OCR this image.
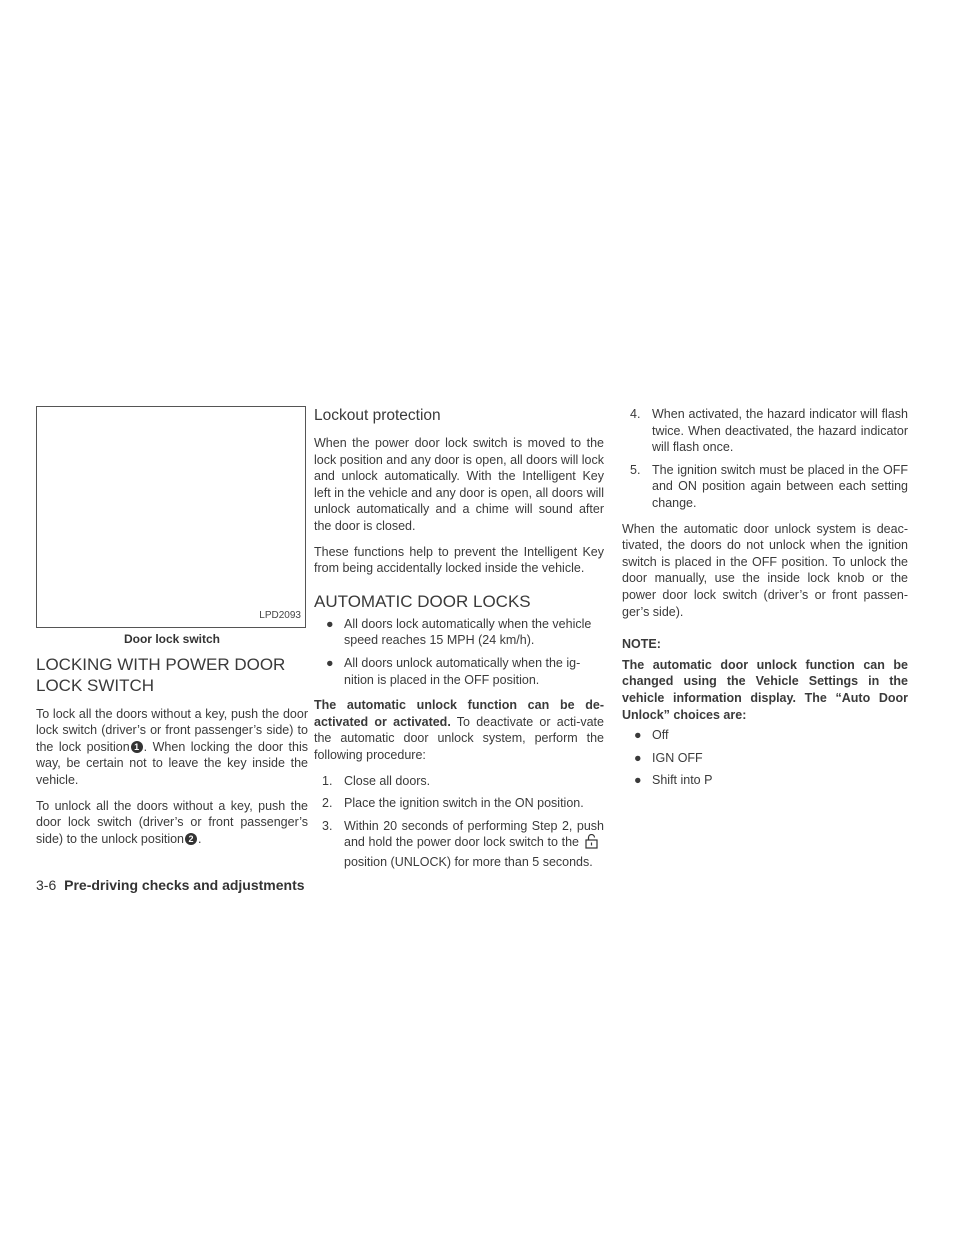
LPD2093
Door lock switch
LOCKING WITH POWER DOOR LOCK SWITCH

To lock all the doors without a key, push the door lock switch (driver’s or front passenger’s side) to the lock position 1 . When locking the door this way, be certain not to leave the key inside the vehicle.

To unlock all the doors without a key, push the door lock switch (driver’s or front passenger’s side) to the unlock position 2 .

Lockout protection

When the power door lock switch is moved to the lock position and any door is open, all doors will lock and unlock automatically. With the Intelligent Key left in the vehicle and any door is open, all doors will unlock automatically and a chime will sound after the door is closed.

These functions help to prevent the Intelligent Key from being accidentally locked inside the vehicle.

AUTOMATIC DOOR LOCKS
● All doors lock automatically when the vehicle speed reaches 15 MPH (24 km/h).
● All doors unlock automatically when the ig-nition is placed in the OFF position.

The automatic unlock function can be de-activated or activated. To deactivate or acti-vate the automatic door unlock system, perform the following procedure:

1. Close all doors.
2. Place the ignition switch in the ON position.
3. Within 20 seconds of performing Step 2, push and hold the power door lock switch to theposition (UNLOCK) for more than 5 seconds.
4. When activated, the hazard indicator will flash twice. When deactivated, the hazard indicator will flash once.
5. The ignition switch must be placed in the OFF and ON position again between each setting change.

When the automatic door unlock system is deac-tivated, the doors do not unlock when the ignition switch is placed in the OFF position. To unlock the door manually, use the inside lock knob or the power door lock switch (driver’s or front passen-ger’s side).

NOTE:

The automatic door unlock function can be changed using the Vehicle Settings in the vehicle information display. The “Auto Door Unlock” choices are:

● Off
● IGN OFF
● Shift into P
3-6 Pre-driving checks and adjustments
